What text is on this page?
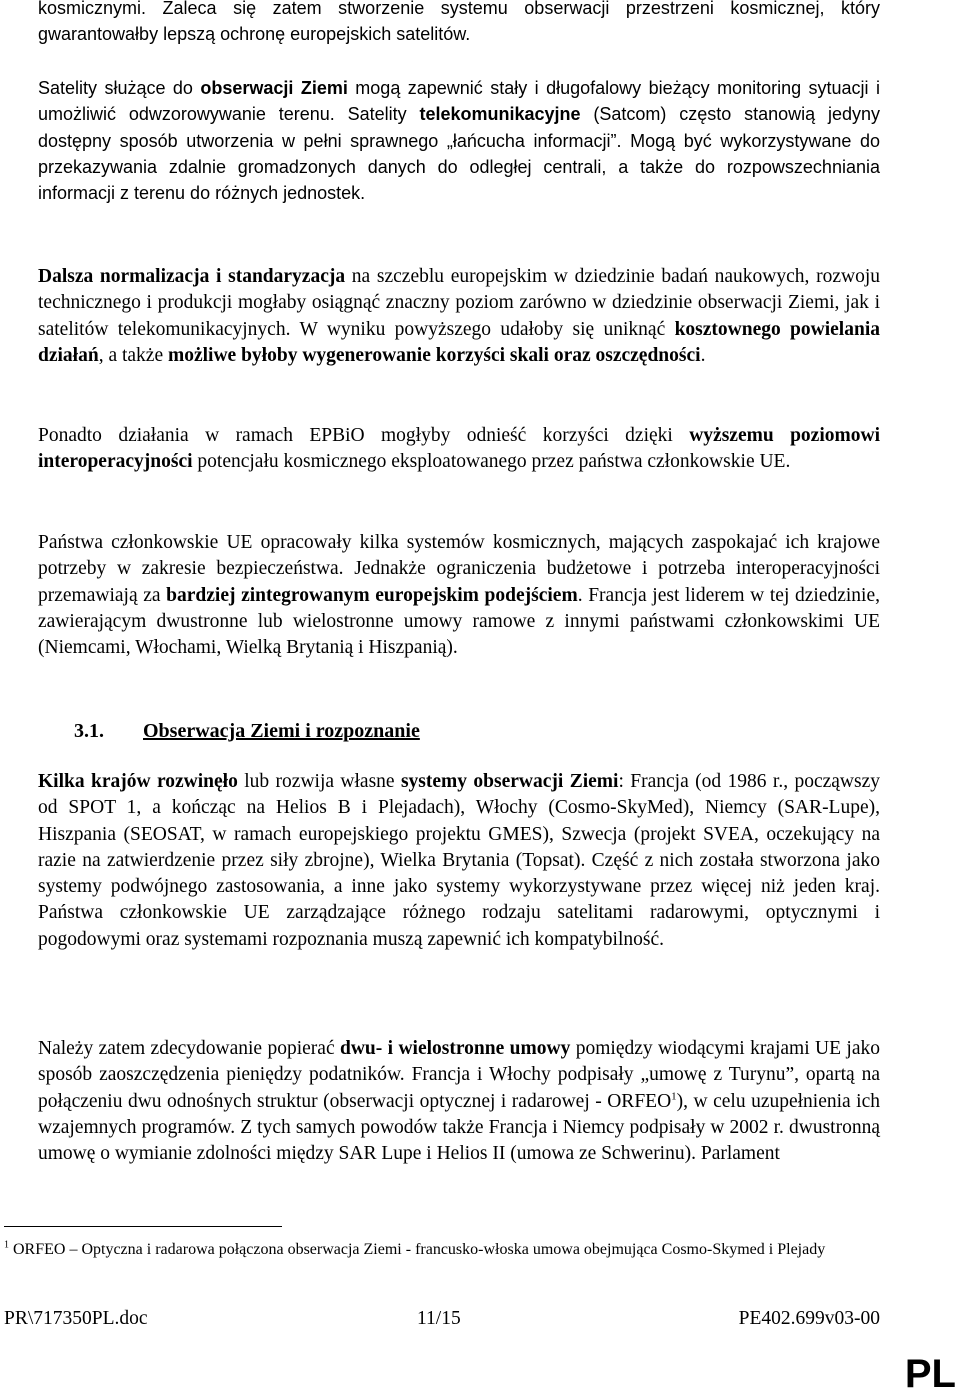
kosmicznymi. Zaleca się zatem stworzenie systemu obserwacji przestrzeni kosmicznej, który gwarantowałby lepszą ochronę europejskich satelitów.

Satelity służące do obserwacji Ziemi mogą zapewnić stały i długofalowy bieżący monitoring sytuacji i umożliwić odwzorowywanie terenu. Satelity telekomunikacyjne (Satcom) często stanowią jedyny dostępny sposób utworzenia w pełni sprawnego „łańcucha informacji”. Mogą być wykorzystywane do przekazywania zdalnie gromadzonych danych do odległej centrali, a także do rozpowszechniania informacji z terenu do różnych jednostek.

Dalsza normalizacja i standaryzacja na szczeblu europejskim w dziedzinie badań naukowych, rozwoju technicznego i produkcji mogłaby osiągnąć znaczny poziom zarówno w dziedzinie obserwacji Ziemi, jak i satelitów telekomunikacyjnych. W wyniku powyższego udałoby się uniknąć kosztownego powielania działań, a także możliwe byłoby wygenerowanie korzyści skali oraz oszczędności.

Ponadto działania w ramach EPBiO mogłyby odnieść korzyści dzięki wyższemu poziomowi interoperacyjności potencjału kosmicznego eksploatowanego przez państwa członkowskie UE.

Państwa członkowskie UE opracowały kilka systemów kosmicznych, mających zaspokajać ich krajowe potrzeby w zakresie bezpieczeństwa. Jednakże ograniczenia budżetowe i potrzeba interoperacyjności przemawiają za bardziej zintegrowanym europejskim podejściem. Francja jest liderem w tej dziedzinie, zawierającym dwustronne lub wielostronne umowy ramowe z innymi państwami członkowskimi UE (Niemcami, Włochami, Wielką Brytanią i Hiszpanią).

3.1. Obserwacja Ziemi i rozpoznanie

Kilka krajów rozwinęło lub rozwija własne systemy obserwacji Ziemi: Francja (od 1986 r., począwszy od SPOT 1, a kończąc na Helios B i Plejadach), Włochy (Cosmo-SkyMed), Niemcy (SAR-Lupe), Hiszpania (SEOSAT, w ramach europejskiego projektu GMES), Szwecja (projekt SVEA, oczekujący na razie na zatwierdzenie przez siły zbrojne), Wielka Brytania (Topsat). Część z nich została stworzona jako systemy podwójnego zastosowania, a inne jako systemy wykorzystywane przez więcej niż jeden kraj. Państwa członkowskie UE zarządzające różnego rodzaju satelitami radarowymi, optycznymi i pogodowymi oraz systemami rozpoznania muszą zapewnić ich kompatybilność.

Należy zatem zdecydowanie popierać dwu- i wielostronne umowy pomiędzy wiodącymi krajami UE jako sposób zaoszczędzenia pieniędzy podatników. Francja i Włochy podpisały „umowę z Turynu”, opartą na połączeniu dwu odnośnych struktur (obserwacji optycznej i radarowej - ORFEO$^1$), w celu uzupełnienia ich wzajemnych programów. Z tych samych powodów także Francja i Niemcy podpisały w 2002 r. dwustronną umowę o wymianie zdolności między SAR Lupe i Helios II (umowa ze Schwerinu). Parlament

$^1$ ORFEO – Optyczna i radarowa połączona obserwacja Ziemi - francusko-włoska umowa obejmująca Cosmo-Skymed i Plejady
PR\717350PL.doc	11/15	PE402.699v03-00
PL
